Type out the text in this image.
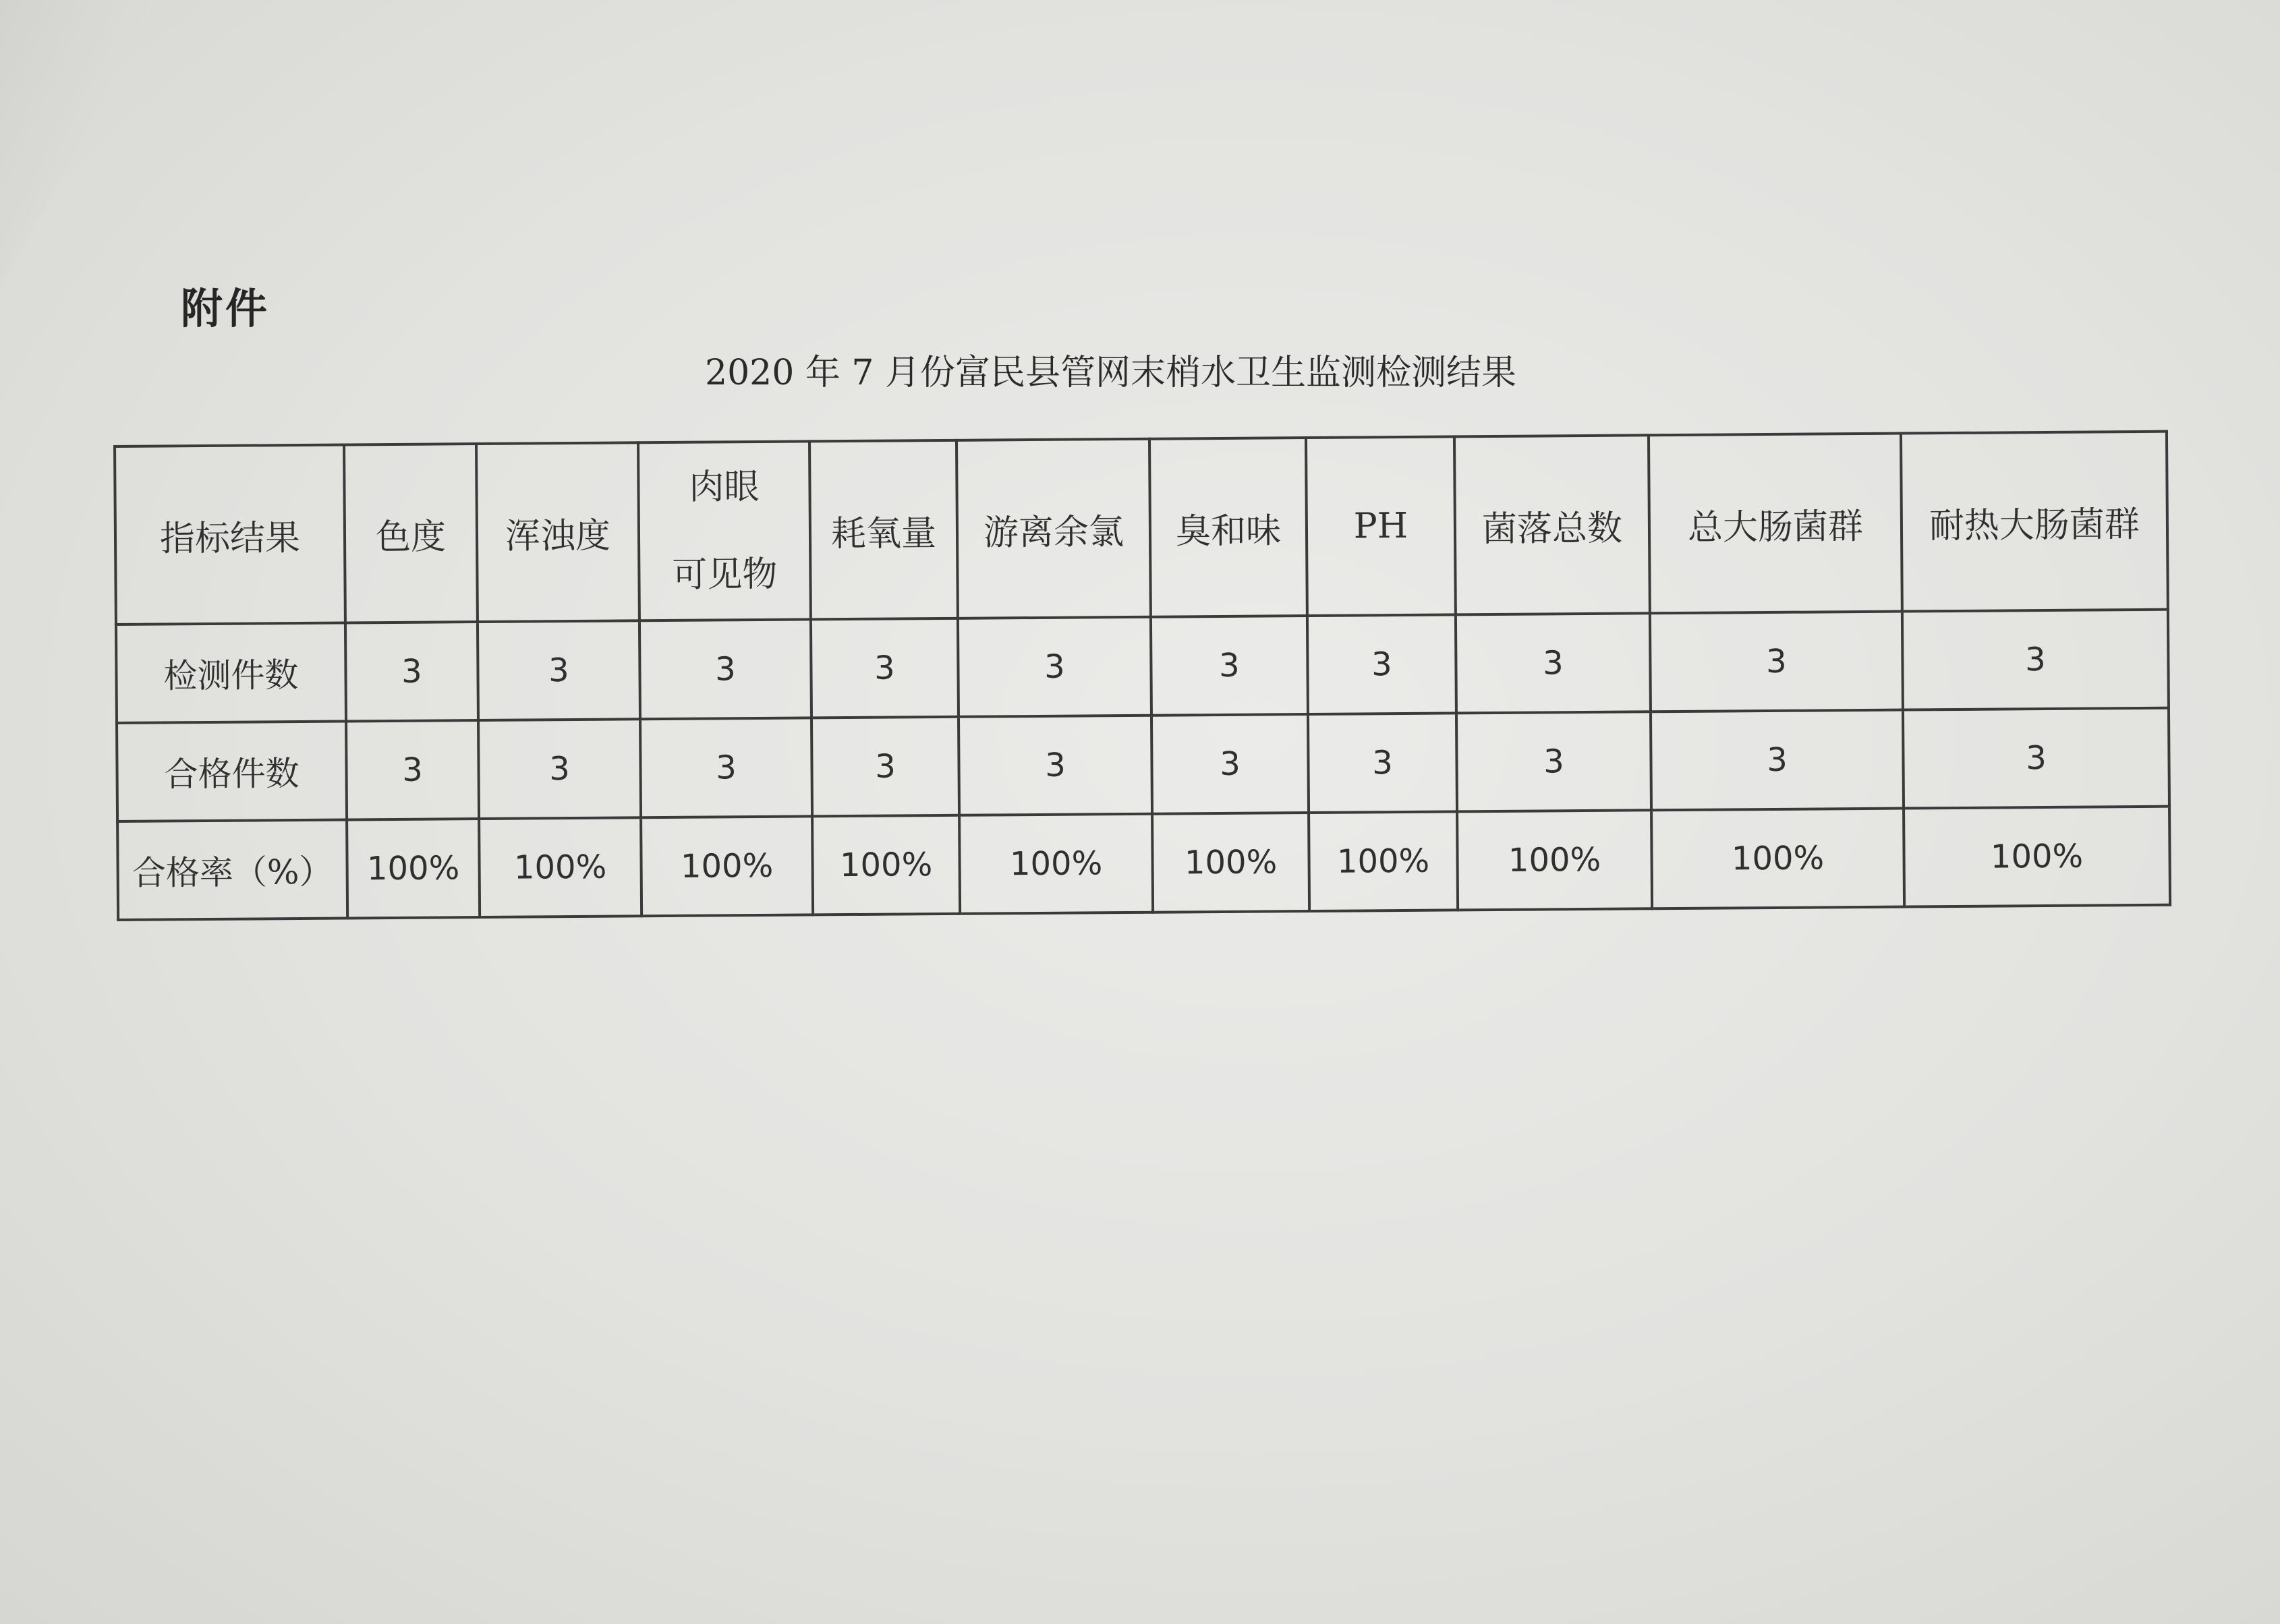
附件
2020 年 7 月份富民县管网末梢水卫生监测检测结果
指标结果	色度	浑浊度	肉眼
可见物	耗氧量	游离余氯	臭和味	PH	菌落总数	总大肠菌群	耐热大肠菌群
检测件数	3	3	3	3	3	3	3	3	3	3
合格件数	3	3	3	3	3	3	3	3	3	3
合格率（%）	100%	100%	100%	100%	100%	100%	100%	100%	100%	100%
